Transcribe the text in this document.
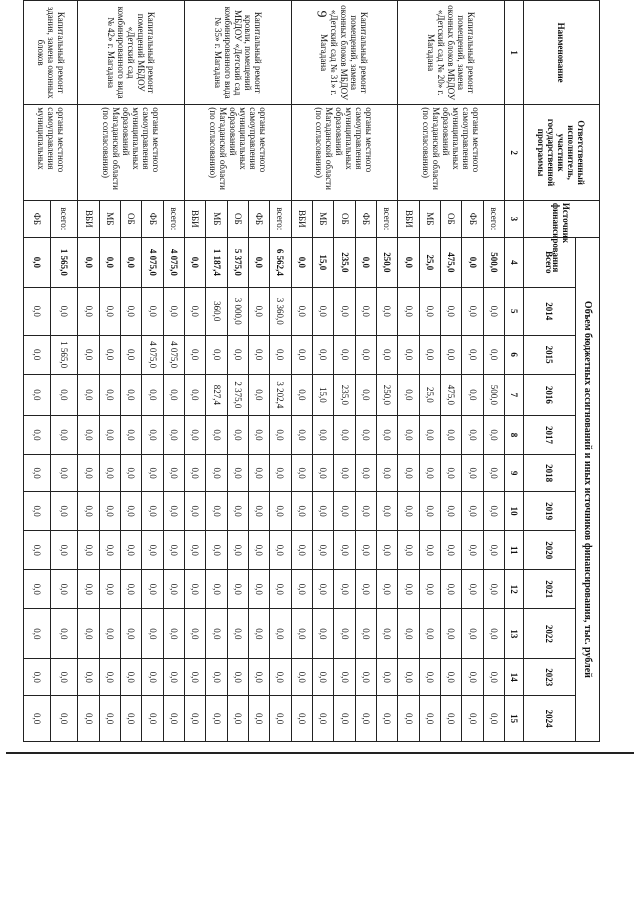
9
Наименование	Ответственный исполнитель, участник государственной программы	Источник финансирования	Объем бюджетных ассигнований и иных источников финансирования, тыс. рублей											
			Всего	2014	2015	2016	2017	2018	2019	2020	2021	2022	2023	2024
1	2	3	4	5	6	7	8	9	10	11	12	13	14	15
Капитальный ремонт помещений, замена оконных блоков МБДОУ «Детский сад № 20» г. Магадана	органы местного самоуправления муниципальных образований Магаданской области (по согласованию)	всего:	500,0	0,0	0,0	500,0	0,0	0,0	0,0	0,0	0,0	0,0	0,0	0,0
		ФБ	0,0	0,0	0,0	0,0	0,0	0,0	0,0	0,0	0,0	0,0	0,0	0,0
		ОБ	475,0	0,0	0,0	475,0	0,0	0,0	0,0	0,0	0,0	0,0	0,0	0,0
		МБ	25,0	0,0	0,0	25,0	0,0	0,0	0,0	0,0	0,0	0,0	0,0	0,0
		ВБИ	0,0	0,0	0,0	0,0	0,0	0,0	0,0	0,0	0,0	0,0	0,0	0,0
Капитальный ремонт помещений, замена оконных блоков МБДОУ «Детский сад № 31» г. Магадана	органы местного самоуправления муниципальных образований Магаданской области (по согласованию)	всего:	250,0	0,0	0,0	250,0	0,0	0,0	0,0	0,0	0,0	0,0	0,0	0,0
		ФБ	0,0	0,0	0,0	0,0	0,0	0,0	0,0	0,0	0,0	0,0	0,0	0,0
		ОБ	235,0	0,0	0,0	235,0	0,0	0,0	0,0	0,0	0,0	0,0	0,0	0,0
		МБ	15,0	0,0	0,0	15,0	0,0	0,0	0,0	0,0	0,0	0,0	0,0	0,0
		ВБИ	0,0	0,0	0,0	0,0	0,0	0,0	0,0	0,0	0,0	0,0	0,0	0,0
Капитальный ремонт кровли, помещений МБДОУ «Детский сад комбинированного вида № 35» г. Магадана	органы местного самоуправления муниципальных образований Магаданской области (по согласованию)	всего:	6 562,4	3 360,0	0,0	3 202,4	0,0	0,0	0,0	0,0	0,0	0,0	0,0	0,0
		ФБ	0,0	0,0	0,0	0,0	0,0	0,0	0,0	0,0	0,0	0,0	0,0	0,0
		ОБ	5 375,0	3 000,0	0,0	2 375,0	0,0	0,0	0,0	0,0	0,0	0,0	0,0	0,0
		МБ	1 187,4	360,0	0,0	827,4	0,0	0,0	0,0	0,0	0,0	0,0	0,0	0,0
		ВБИ	0,0	0,0	0,0	0,0	0,0	0,0	0,0	0,0	0,0	0,0	0,0	0,0
Капитальный ремонт помещений МБДОУ «Детский сад комбинированного вида № 42» г. Магадана	органы местного самоуправления муниципальных образований Магаданской области (по согласованию)	всего:	4 075,0	0,0	4 075,0	0,0	0,0	0,0	0,0	0,0	0,0	0,0	0,0	0,0
		ФБ	4 075,0	0,0	4 075,0	0,0	0,0	0,0	0,0	0,0	0,0	0,0	0,0	0,0
		ОБ	0,0	0,0	0,0	0,0	0,0	0,0	0,0	0,0	0,0	0,0	0,0	0,0
		МБ	0,0	0,0	0,0	0,0	0,0	0,0	0,0	0,0	0,0	0,0	0,0	0,0
		ВБИ	0,0	0,0	0,0	0,0	0,0	0,0	0,0	0,0	0,0	0,0	0,0	0,0
Капитальный ремонт здания, замена оконных блоков	органы местного самоуправления муниципальных	всего:	1 565,0	0,0	1 565,0	0,0	0,0	0,0	0,0	0,0	0,0	0,0	0,0	0,0
		ФБ	0,0	0,0	0,0	0,0	0,0	0,0	0,0	0,0	0,0	0,0	0,0	0,0
